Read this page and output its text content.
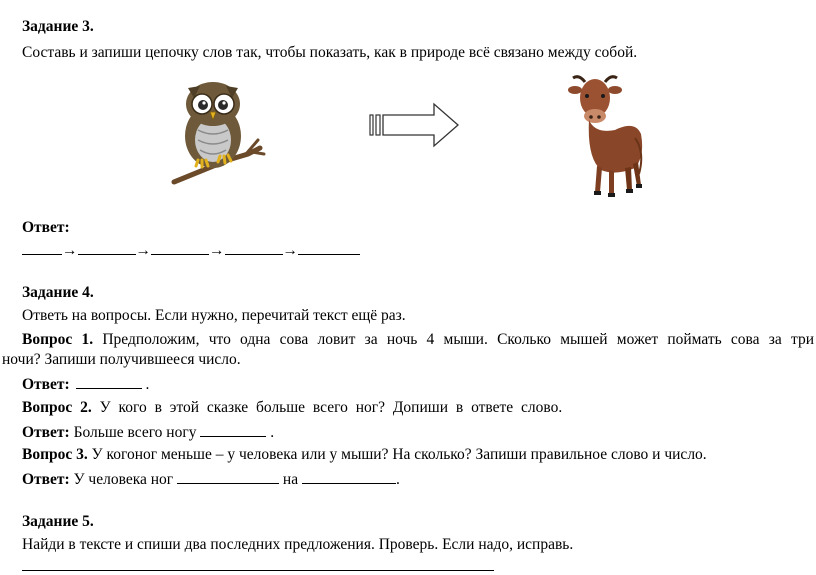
Задание 3.
Составь и запиши цепочку слов так, чтобы показать, как в природе всё связано между собой.
Ответ:
→	→	→	→
Задание 4.
Ответь на вопросы. Если нужно, перечитай текст ещё раз.
Вопрос 1. Предположим, что одна сова ловит за ночь 4 мыши. Сколько мышей может поймать сова за три
ночи? Запиши получившееся число.
Ответ:	.
Вопрос 2. У кого в этой сказке больше всего ног? Допиши в ответе слово.
Ответ: Больше всего ногу	.
Вопрос 3. У когоног меньше – у человека или у мыши? На сколько? Запиши правильное слово и число.
Ответ: У человека ног	на	.
Задание 5.
Найди в тексте и спиши два последних предложения. Проверь. Если надо, исправь.
